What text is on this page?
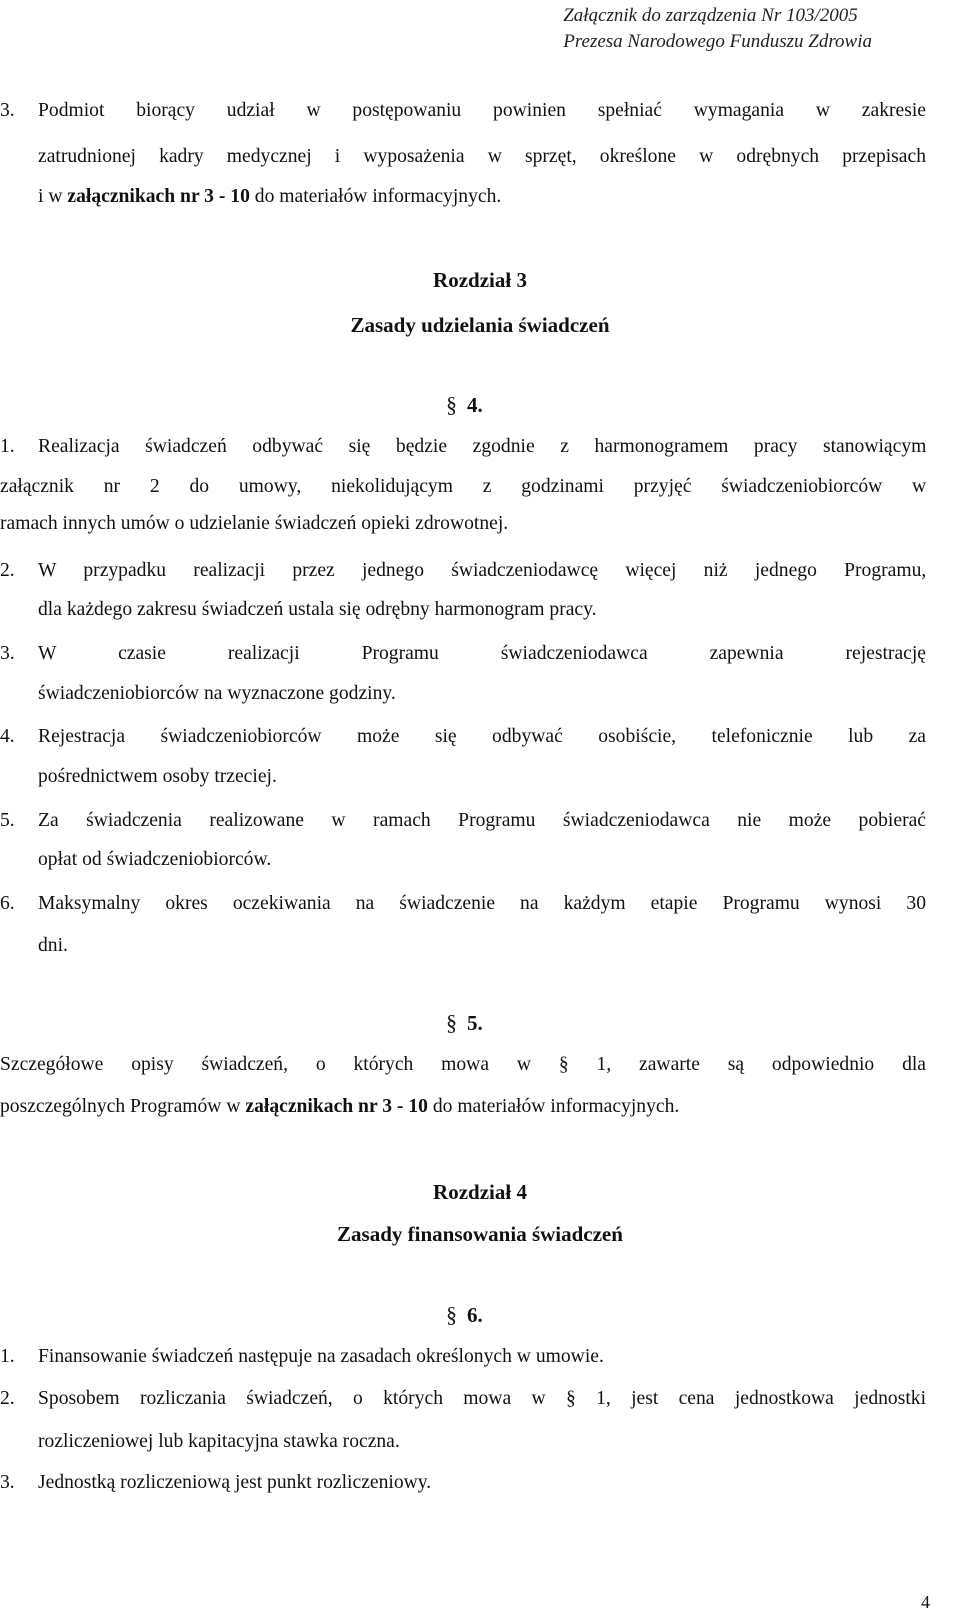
Załącznik do zarządzenia Nr 103/2005
Prezesa Narodowego Funduszu Zdrowia
3. Podmiot biorący udział w postępowaniu powinien spełniać wymagania w zakresie
zatrudnionej kadry medycznej i wyposażenia w sprzęt, określone w odrębnych przepisach
i w załącznikach nr 3 - 10 do materiałów informacyjnych.
Rozdział 3
Zasady udzielania świadczeń
§ 4.
1. Realizacja świadczeń odbywać się będzie zgodnie z harmonogramem pracy stanowiącym
załącznik nr 2 do umowy, niekolidującym z godzinami przyjęć świadczeniobiorców w
ramach innych umów o udzielanie świadczeń opieki zdrowotnej.
2. W przypadku realizacji przez jednego świadczeniodawcę więcej niż jednego Programu,
dla każdego zakresu świadczeń ustala się odrębny harmonogram pracy.
3. W czasie realizacji Programu świadczeniodawca zapewnia rejestrację
świadczeniobiorców na wyznaczone godziny.
4. Rejestracja świadczeniobiorców może się odbywać osobiście, telefonicznie lub za
pośrednictwem osoby trzeciej.
5. Za świadczenia realizowane w ramach Programu świadczeniodawca nie może pobierać
opłat od świadczeniobiorców.
6. Maksymalny okres oczekiwania na świadczenie na każdym etapie Programu wynosi 30
dni.
§ 5.
Szczegółowe opisy świadczeń, o których mowa w § 1, zawarte są odpowiednio dla
poszczególnych Programów w załącznikach nr 3 - 10 do materiałów informacyjnych.
Rozdział 4
Zasady finansowania świadczeń
§ 6.
1. Finansowanie świadczeń następuje na zasadach określonych w umowie.
2. Sposobem rozliczania świadczeń, o których mowa w § 1, jest cena jednostkowa jednostki
rozliczeniowej lub kapitacyjna stawka roczna.
3. Jednostką rozliczeniową jest punkt rozliczeniowy.
4
